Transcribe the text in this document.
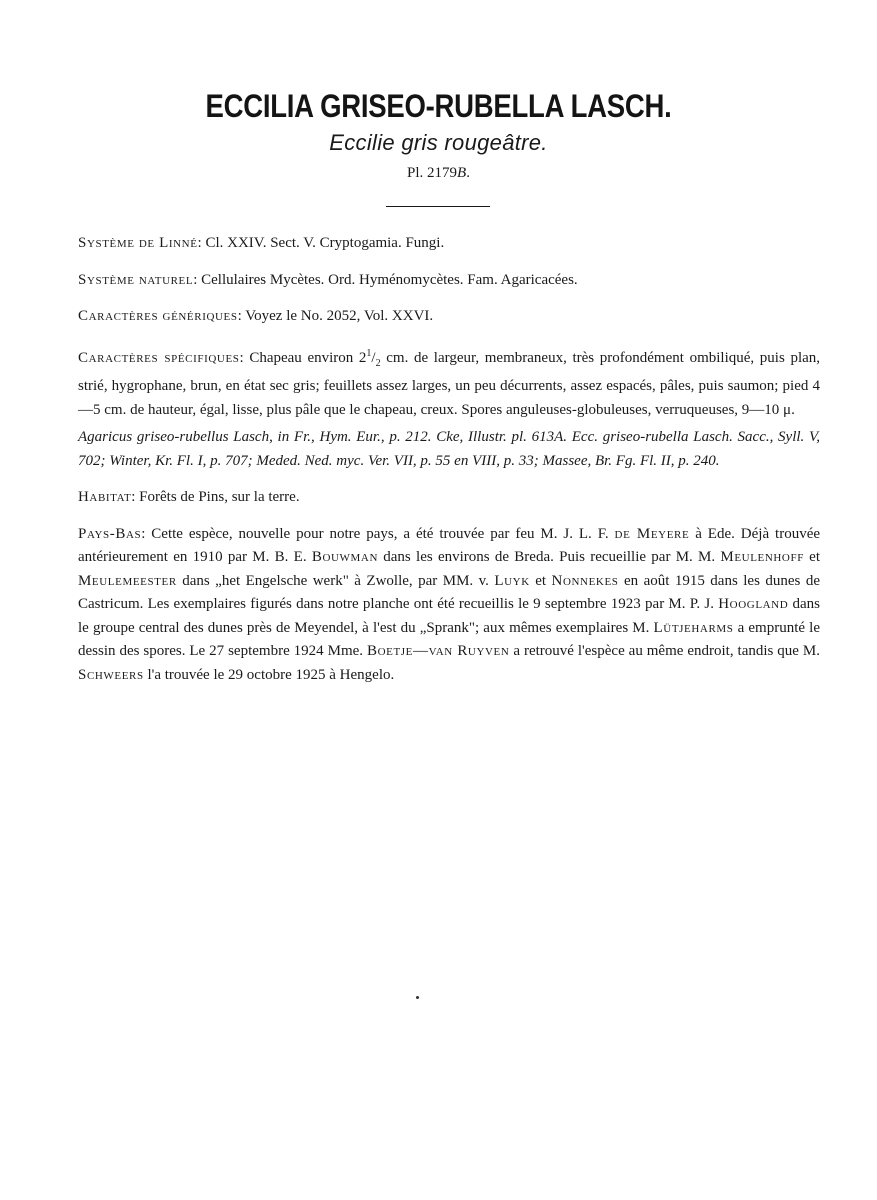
ECCILIA GRISEO-RUBELLA LASCH.
Eccilie gris rougeâtre.
Pl. 2179B.

Système de Linné: Cl. XXIV. Sect. V. Cryptogamia. Fungi.

Système naturel: Cellulaires Mycètes. Ord. Hyménomycètes. Fam. Agaricacées.

Caractères génériques: Voyez le No. 2052, Vol. XXVI.

Caractères spécifiques: Chapeau environ $2^1/_2$ cm. de largeur, membraneux, très profondément ombiliqué, puis plan, strié, hygrophane, brun, en état sec gris; feuillets assez larges, un peu décurrents, assez espacés, pâles, puis saumon; pied 4—5 cm. de hauteur, égal, lisse, plus pâle que le chapeau, creux. Spores anguleuses-globuleuses, verruqueuses, 9—10 μ.

Agaricus griseo-rubellus Lasch, in Fr., Hym. Eur., p. 212. Cke, Illustr. pl. 613A. Ecc. griseo-rubella Lasch. Sacc., Syll. V, 702; Winter, Kr. Fl. I, p. 707; Meded. Ned. myc. Ver. VII, p. 55 en VIII, p. 33; Massee, Br. Fg. Fl. II, p. 240.

Habitat: Forêts de Pins, sur la terre.

Pays-Bas: Cette espèce, nouvelle pour notre pays, a été trouvée par feu M. J. L. F. de Meyere à Ede. Déjà trouvée antérieurement en 1910 par M. B. E. Bouwman dans les environs de Breda. Puis recueillie par M. M. Meulenhoff et Meulemeester dans „het Engelsche werk" à Zwolle, par MM. v. Luyk et Nonnekes en août 1915 dans les dunes de Castricum. Les exemplaires figurés dans notre planche ont été recueillis le 9 septembre 1923 par M. P. J. Hoogland dans le groupe central des dunes près de Meyendel, à l'est du „Sprank"; aux mêmes exemplaires M. Lütjeharms a emprunté le dessin des spores. Le 27 septembre 1924 Mme. Boetje—van Ruyven a retrouvé l'espèce au même endroit, tandis que M. Schweers l'a trouvée le 29 octobre 1925 à Hengelo.
